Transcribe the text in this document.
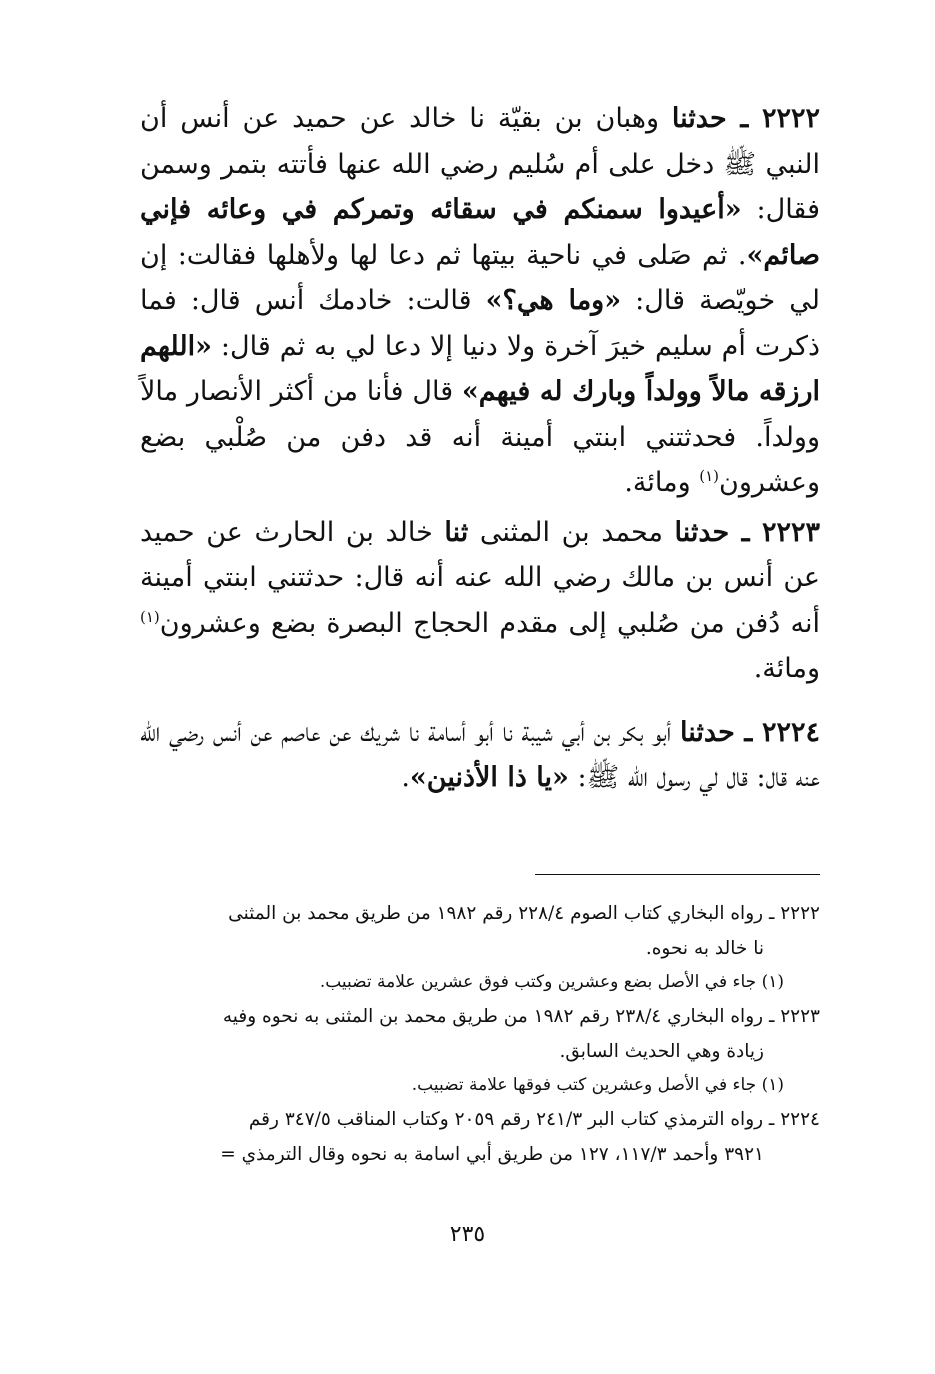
٢٢٢٢ ـ حدثنا وهبان بن بقيّة نا خالد عن حميد عن أنس أن النبي ﷺ دخل على أم سُليم رضي الله عنها فأتته بتمر وسمن فقال: «أعيدوا سمنكم في سقائه وتمركم في وعائه فإني صائم». ثم صَلى في ناحية بيتها ثم دعا لها ولأهلها فقالت: إن لي خويّصة قال: «وما هي؟» قالت: خادمك أنس قال: فما ذكرت أم سليم خيرَ آخرة ولا دنيا إلا دعا لي به ثم قال: «اللهم ارزقه مالاً وولداً وبارك له فيهم» قال فأنا من أكثر الأنصار مالاً وولداً. فحدثتني ابنتي أمينة أنه قد دفن من صُلْبي بضع وعشرون$^{(١)}$ ومائة.

٢٢٢٣ ـ حدثنا محمد بن المثنى ثنا خالد بن الحارث عن حميد عن أنس بن مالك رضي الله عنه أنه قال: حدثتني ابنتي أمينة أنه دُفن من صُلبي إلى مقدم الحجاج البصرة بضع وعشرون$^{(١)}$ ومائة.

٢٢٢٤ ـ حدثنا أبو بكر بن أبي شيبة نا أبو أسامة نا شريك عن عاصم عن أنس رضي الله عنه قال: قال لي رسول الله ﷺ: «يا ذا الأذنين».

٢٢٢٢ ـ رواه البخاري كتاب الصوم ٢٢٨/٤ رقم ١٩٨٢ من طريق محمد بن المثنى
نا خالد به نحوه.

(١) جاء في الأصل بضع وعشرين وكتب فوق عشرين علامة تضبيب.

٢٢٢٣ ـ رواه البخاري ٢٣٨/٤ رقم ١٩٨٢ من طريق محمد بن المثنى به نحوه وفيه
زيادة وهي الحديث السابق.

(١) جاء في الأصل وعشرين كتب فوقها علامة تضبيب.

٢٢٢٤ ـ رواه الترمذي كتاب البر ٢٤١/٣ رقم ٢٠٥٩ وكتاب المناقب ٣٤٧/٥ رقم
٣٩٢١ وأحمد ١١٧/٣، ١٢٧ من طريق أبي اسامة به نحوه وقال الترمذي =

٢٣٥
